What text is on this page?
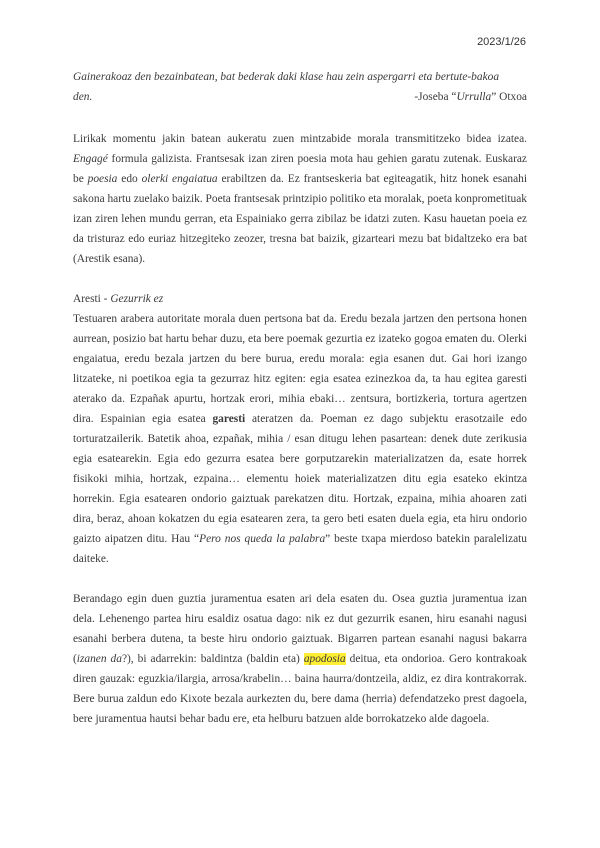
2023/1/26
Gainerakoaz den bezainbatean, bat bederak daki klase hau zein aspergarri eta bertute-bakoa
den.	-Joseba “Urrulla” Otxoa

Lirikak momentu jakin batean aukeratu zuen mintzabide morala transmititzeko bidea izatea. Engagé formula galizista. Frantsesak izan ziren poesia mota hau gehien garatu zutenak. Euskaraz be poesia edo olerki engaiatua erabiltzen da. Ez frantseskeria bat egiteagatik, hitz honek esanahi sakona hartu zuelako baizik. Poeta frantsesak printzipio politiko eta moralak, poeta konprometituak izan ziren lehen mundu gerran, eta Espainiako gerra zibilaz be idatzi zuten. Kasu hauetan poeia ez da tristuraz edo euriaz hitzegiteko zeozer, tresna bat baizik, gizarteari mezu bat bidaltzeko era bat (Arestik esana).

Aresti - Gezurrik ez

Testuaren arabera autoritate morala duen pertsona bat da. Eredu bezala jartzen den pertsona honen aurrean, posizio bat hartu behar duzu, eta bere poemak gezurtia ez izateko gogoa ematen du. Olerki engaiatua, eredu bezala jartzen du bere burua, eredu morala: egia esanen dut. Gai hori izango litzateke, ni poetikoa egia ta gezurraz hitz egiten: egia esatea ezinezkoa da, ta hau egitea garesti aterako da. Ezpañak apurtu, hortzak erori, mihia ebaki… zentsura, bortizkeria, tortura agertzen dira. Espainian egia esatea garesti ateratzen da. Poeman ez dago subjektu erasotzaile edo torturatzailerik. Batetik ahoa, ezpañak, mihia / esan ditugu lehen pasartean: denek dute zerikusia egia esatearekin. Egia edo gezurra esatea bere gorputzarekin materializatzen da, esate horrek fisikoki mihia, hortzak, ezpaina… elementu hoiek materializatzen ditu egia esateko ekintza horrekin. Egia esatearen ondorio gaiztuak parekatzen ditu. Hortzak, ezpaina, mihia ahoaren zati dira, beraz, ahoan kokatzen du egia esatearen zera, ta gero beti esaten duela egia, eta hiru ondorio gaizto aipatzen ditu. Hau “Pero nos queda la palabra” beste txapa mierdoso batekin paralelizatu daiteke.

Berandago egin duen guztia juramentua esaten ari dela esaten du. Osea guztia juramentua izan dela. Lehenengo partea hiru esaldiz osatua dago: nik ez dut gezurrik esanen, hiru esanahi nagusi esanahi berbera dutena, ta beste hiru ondorio gaiztuak. Bigarren partean esanahi nagusi bakarra (izanen da?), bi adarrekin: baldintza (baldin eta) apodosia deitua, eta ondorioa. Gero kontrakoak diren gauzak: eguzkia/ilargia, arrosa/krabelin… baina haurra/dontzeila, aldiz, ez dira kontrakorrak. Bere burua zaldun edo Kixote bezala aurkezten du, bere dama (herria) defendatzeko prest dagoela, bere juramentua hautsi behar badu ere, eta helburu batzuen alde borrokatzeko alde dagoela.
